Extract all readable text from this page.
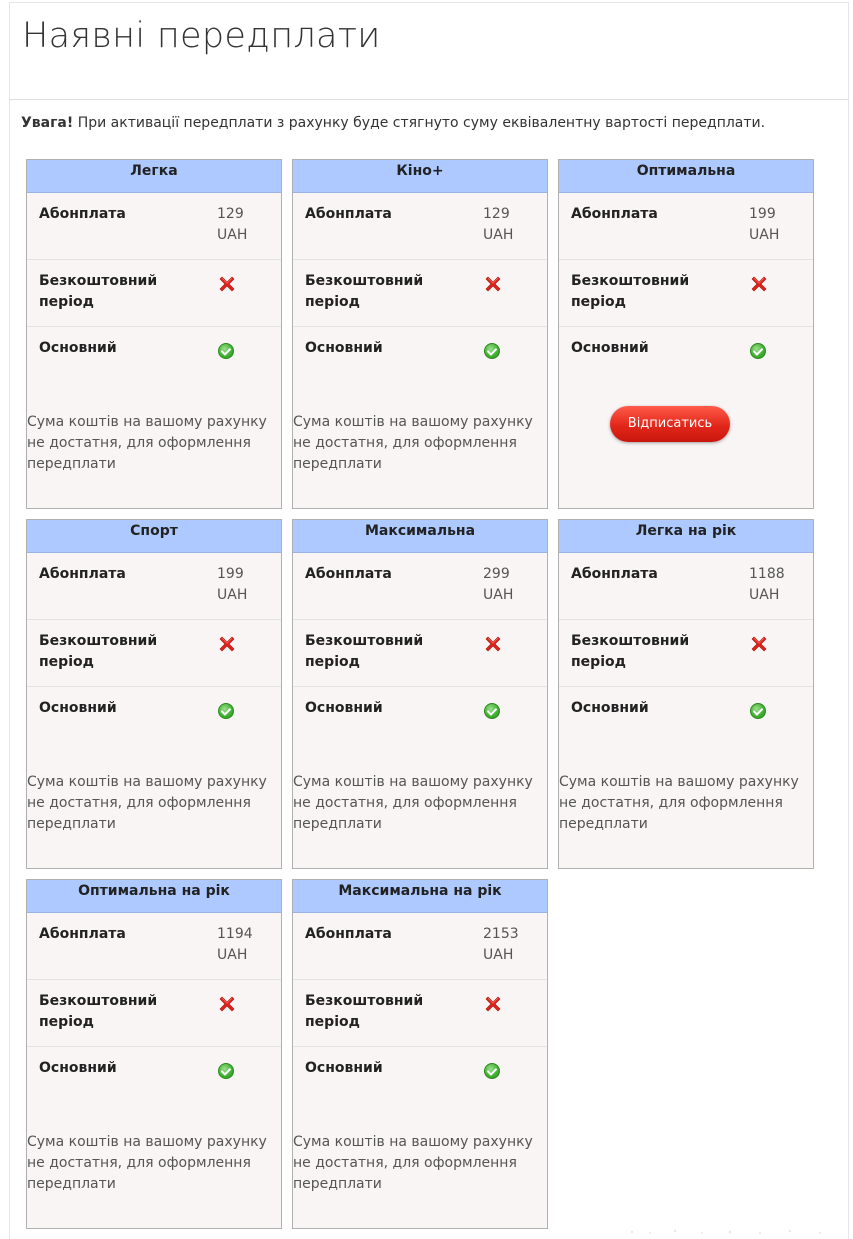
Наявні передплати

Увага! При активації передплати з рахунку буде стягнуто суму еквівалентну вартості передплати.

Легка
Абонплата	129 UAH
Безкоштовний період
Основний
Сума коштів на вашому рахунку не достатня, для оформлення передплати
Кіно+
Абонплата	129 UAH
Безкоштовний період
Основний
Сума коштів на вашому рахунку не достатня, для оформлення передплати
Оптимальна
Абонплата	199 UAH
Безкоштовний період
Основний
Відписатись
Спорт
Абонплата	199 UAH
Безкоштовний період
Основний
Сума коштів на вашому рахунку не достатня, для оформлення передплати
Максимальна
Абонплата	299 UAH
Безкоштовний період
Основний
Сума коштів на вашому рахунку не достатня, для оформлення передплати
Легка на рік
Абонплата	1188 UAH
Безкоштовний період
Основний
Сума коштів на вашому рахунку не достатня, для оформлення передплати
Оптимальна на рік
Абонплата	1194 UAH
Безкоштовний період
Основний
Сума коштів на вашому рахунку не достатня, для оформлення передплати
Максимальна на рік
Абонплата	2153 UAH
Безкоштовний період
Основний
Сума коштів на вашому рахунку не достатня, для оформлення передплати
